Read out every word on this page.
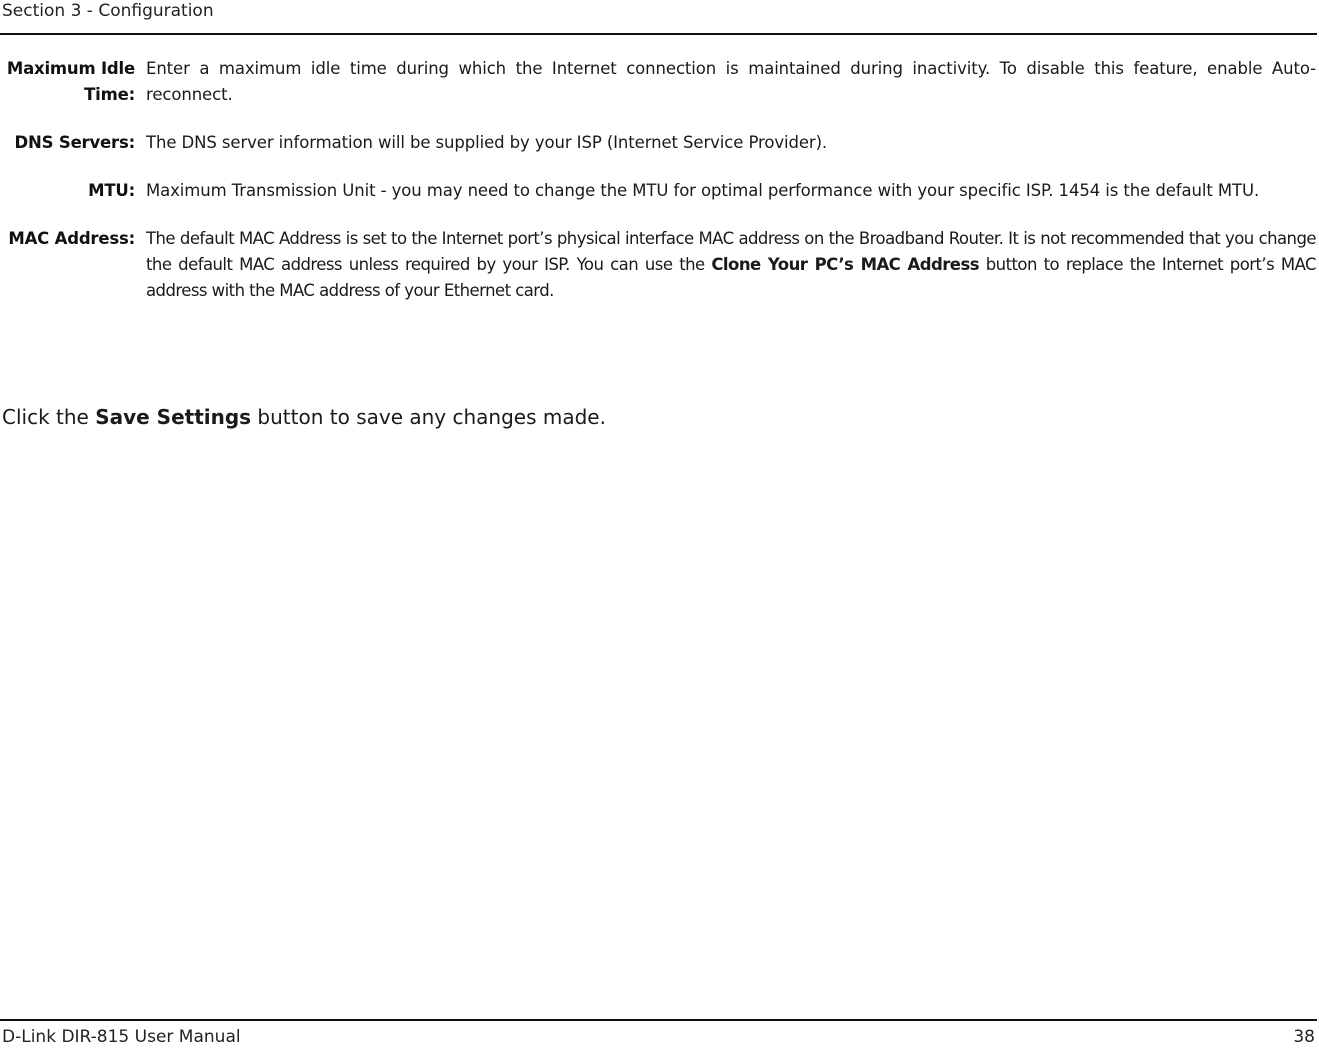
Section 3 - Configuration
Maximum Idle
Time:
Enter a maximum idle time during which the Internet connection is maintained during inactivity. To disable this feature, enable Auto-reconnect.
DNS Servers: The DNS server information will be supplied by your ISP (Internet Service Provider).
MTU: Maximum Transmission Unit - you may need to change the MTU for optimal performance with your specific ISP. 1454 is the default MTU.
MAC Address: The default MAC Address is set to the Internet port’s physical interface MAC address on the Broadband Router. It is not recommended that you change the default MAC address unless required by your ISP. You can use the Clone Your PC’s MAC Address button to replace the Internet port’s MAC address with the MAC address of your Ethernet card.
Click the Save Settings button to save any changes made.
D-Link DIR-815 User Manual	38
